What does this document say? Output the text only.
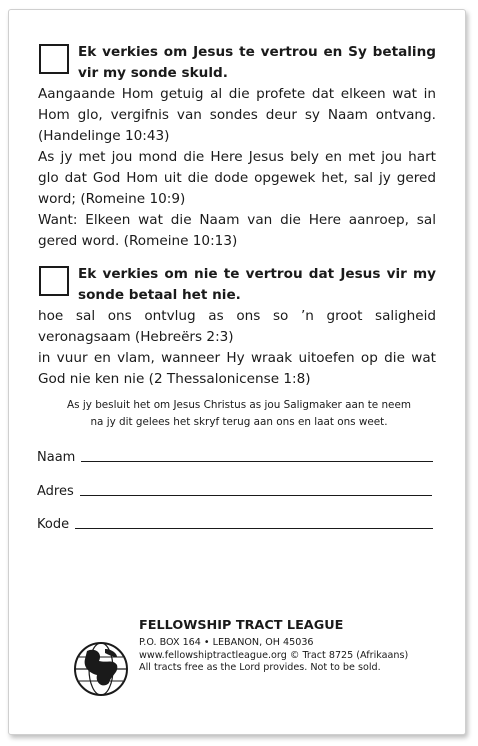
Ek verkies om Jesus te vertrou en Sy betaling vir my sonde skuld.

Aangaande Hom getuig al die profete dat elkeen wat in Hom glo, vergifnis van sondes deur sy Naam ontvang. (Handelinge 10:43)

As jy met jou mond die Here Jesus bely en met jou hart glo dat God Hom uit die dode opgewek het, sal jy gered word; (Romeine 10:9)

Want: Elkeen wat die Naam van die Here aanroep, sal gered word. (Romeine 10:13)

Ek verkies om nie te vertrou dat Jesus vir my sonde betaal het nie.

hoe sal ons ontvlug as ons so ’n groot saligheid veronagsaam (Hebreërs 2:3)

in vuur en vlam, wanneer Hy wraak uitoefen op die wat God nie ken nie (2 Thessalonicense 1:8)

As jy besluit het om Jesus Christus as jou Saligmaker aan te neem na jy dit gelees het skryf terug aan ons en laat ons weet.

Naam
Adres
Kode
FELLOWSHIP TRACT LEAGUE
P.O. BOX 164 • LEBANON, OH 45036
www.fellowshiptractleague.org © Tract 8725 (Afrikaans)
All tracts free as the Lord provides. Not to be sold.
